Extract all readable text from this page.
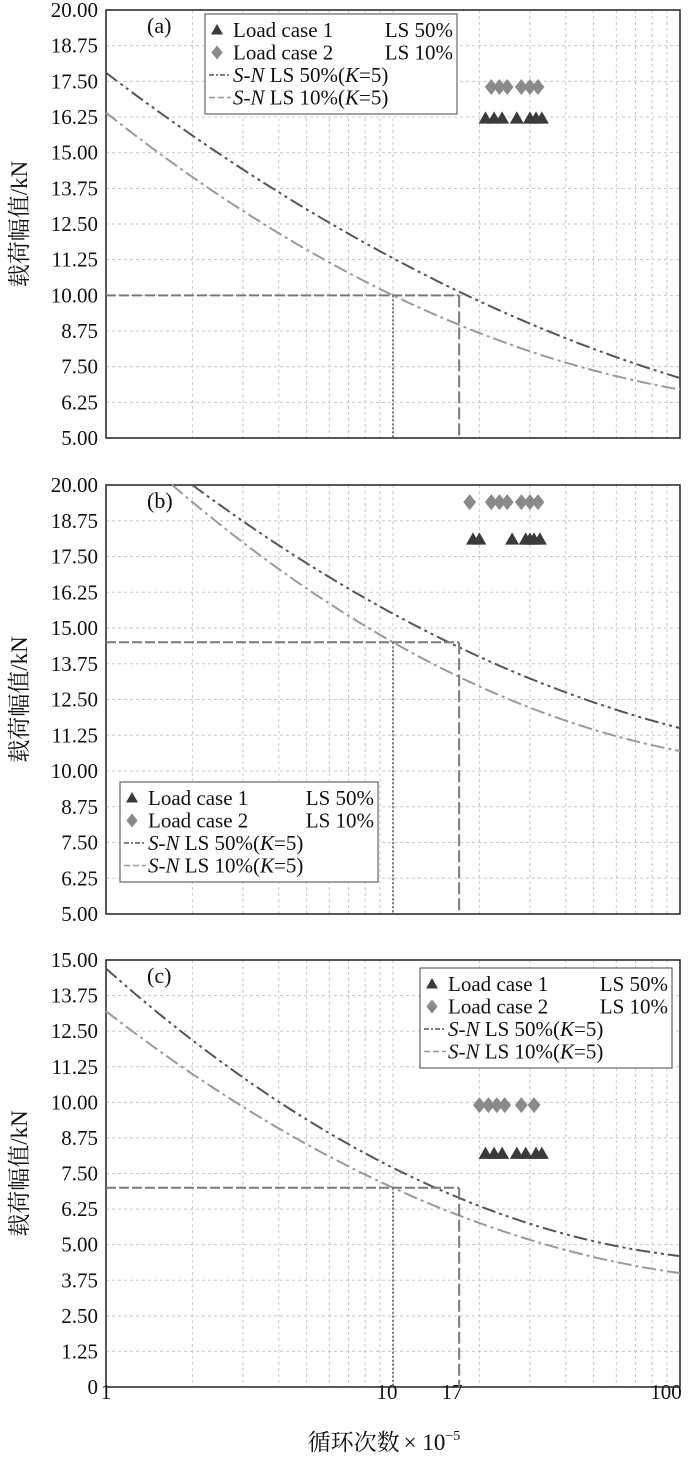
1	10 17	100
循环次数 × $10^{-5}$
5.00
6.25
7.50
8.75
10.00
11.25
12.50
13.75
15.00
16.25
17.50
18.75
20.00
载荷幅值/kN
(a)	Load case 1 LS 50%
Load case 2 LS 10%
S-N LS 50%(K=5)
S-N LS 10%(K=5)
5.00
6.25
7.50
8.75
10.00
11.25
12.50
13.75
15.00
16.25
17.50
18.75
20.00
载荷幅值/kN
(b)
Load case 1	LS 50%
Load case 2	LS 10%
S-N LS 50%(K=5)
S-N LS 10%(K=5)
0
1.25
2.50
3.75
5.00
6.25
7.50
8.75
10.00
11.25
12.50
13.75
15.00
载荷幅值/kN
(c)	Load case 1 LS 50%
Load case 2 LS 10%
S-N LS 50%(K=5)
S-N LS 10%(K=5)
